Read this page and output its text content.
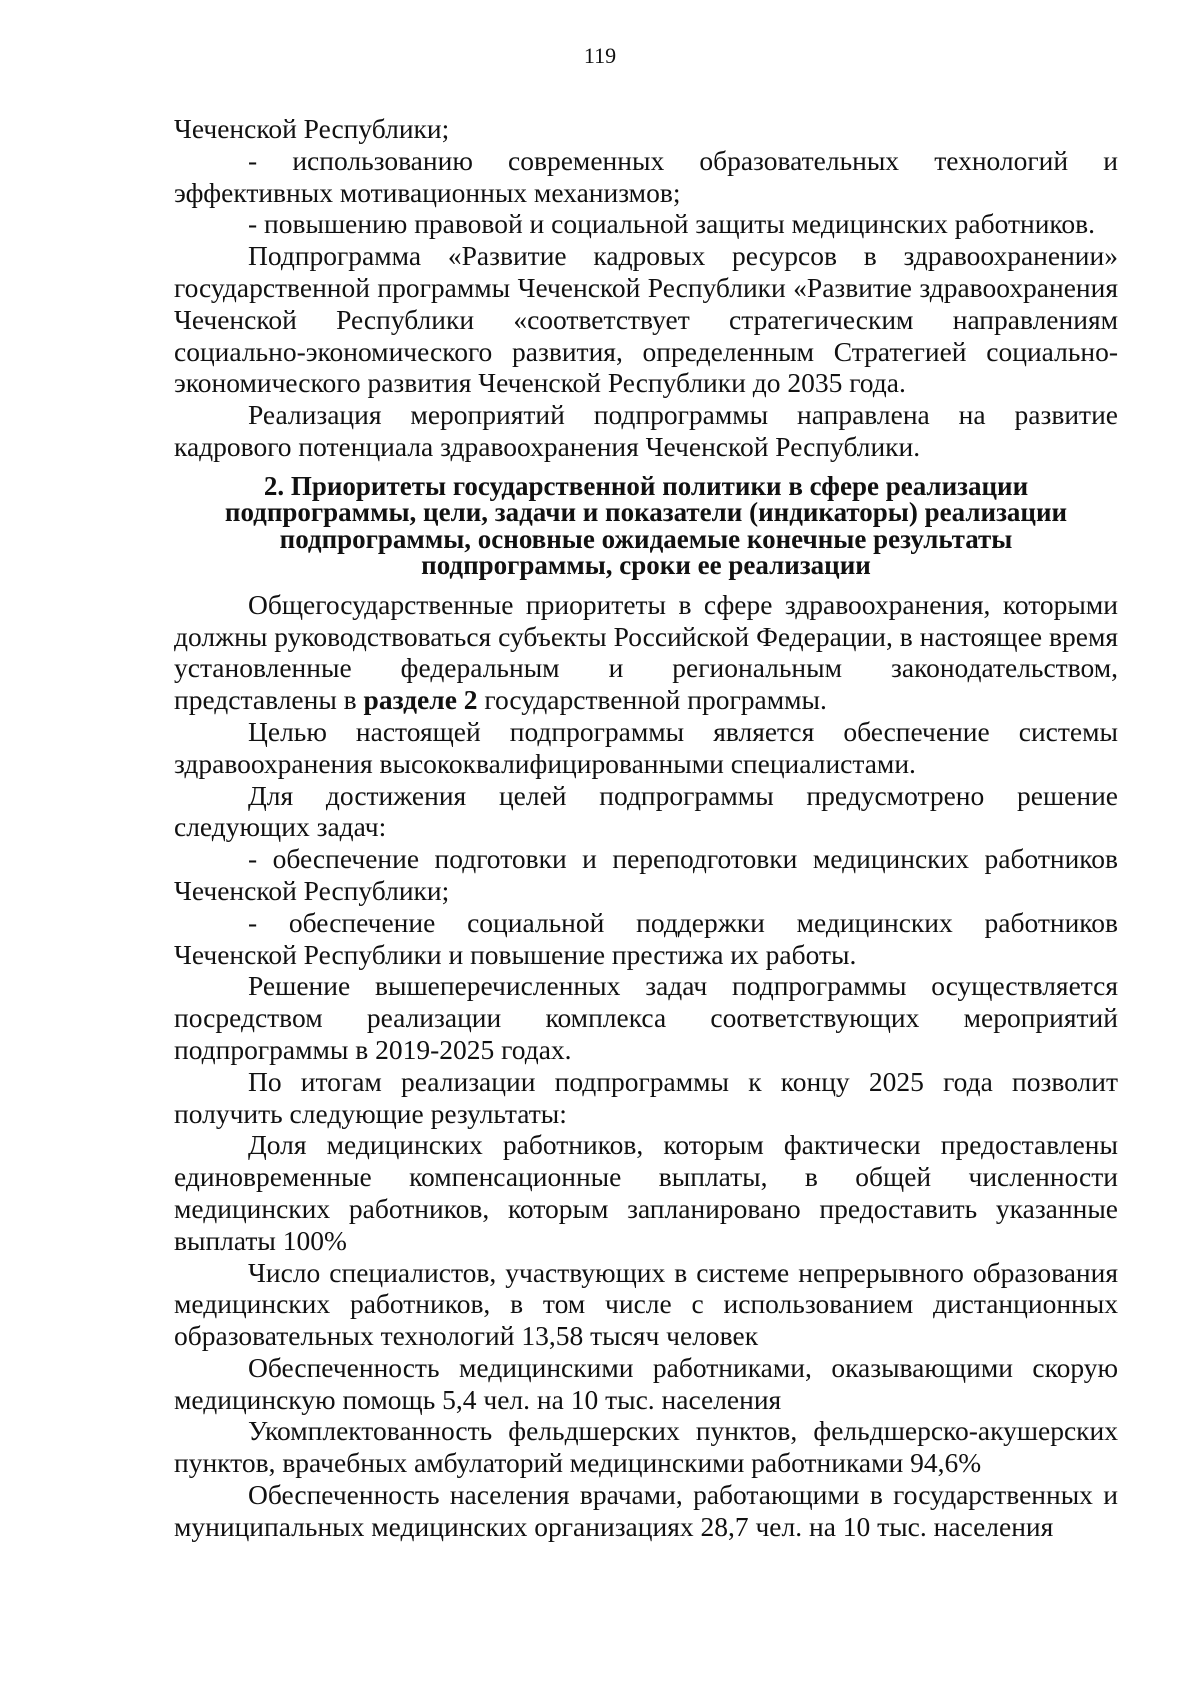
119

Чеченской Республики;

- использованию современных образовательных технологий и эффективных мотивационных механизмов;

- повышению правовой и социальной защиты медицинских работников.

Подпрограмма «Развитие кадровых ресурсов в здравоохранении» государственной программы Чеченской Республики «Развитие здравоохранения Чеченской Республики «соответствует стратегическим направлениям социально-экономического развития, определенным Стратегией социально-экономического развития Чеченской Республики до 2035 года.

Реализация мероприятий подпрограммы направлена на развитие кадрового потенциала здравоохранения Чеченской Республики.

2. Приоритеты государственной политики в сфере реализации
подпрограммы, цели, задачи и показатели (индикаторы) реализации
подпрограммы, основные ожидаемые конечные результаты
подпрограммы, сроки ее реализации

Общегосударственные приоритеты в сфере здравоохранения, которыми должны руководствоваться субъекты Российской Федерации, в настоящее время установленные федеральным и региональным законодательством, представлены в разделе 2 государственной программы.

Целью настоящей подпрограммы является обеспечение системы здравоохранения высококвалифицированными специалистами.

Для достижения целей подпрограммы предусмотрено решение следующих задач:

- обеспечение подготовки и переподготовки медицинских работников Чеченской Республики;

- обеспечение социальной поддержки медицинских работников Чеченской Республики и повышение престижа их работы.

Решение вышеперечисленных задач подпрограммы осуществляется посредством реализации комплекса соответствующих мероприятий подпрограммы в 2019-2025 годах.

По итогам реализации подпрограммы к концу 2025 года позволит получить следующие результаты:

Доля медицинских работников, которым фактически предоставлены единовременные компенсационные выплаты, в общей численности медицинских работников, которым запланировано предоставить указанные выплаты 100%

Число специалистов, участвующих в системе непрерывного образования медицинских работников, в том числе с использованием дистанционных образовательных технологий 13,58 тысяч человек

Обеспеченность медицинскими работниками, оказывающими скорую медицинскую помощь 5,4 чел. на 10 тыс. населения

Укомплектованность фельдшерских пунктов, фельдшерско-акушерских пунктов, врачебных амбулаторий медицинскими работниками 94,6%

Обеспеченность населения врачами, работающими в государственных и муниципальных медицинских организациях 28,7 чел. на 10 тыс. населения
